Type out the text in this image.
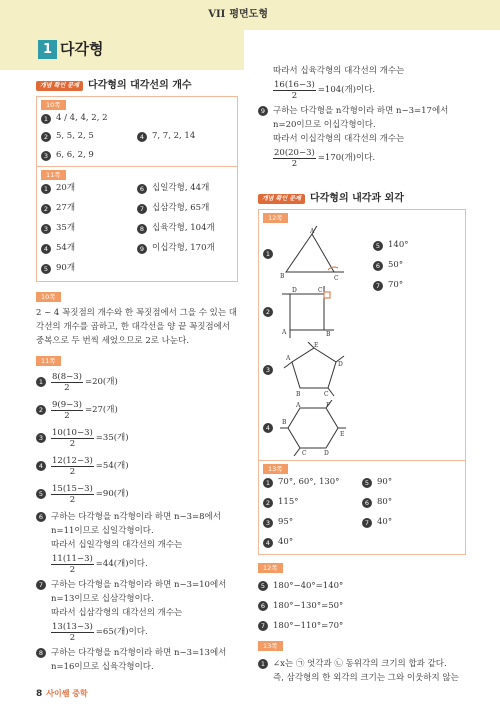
VII 평면도형
1 다각형
개념 확인 문제 다각형의 대각선의 개수
10쪽
1 4 / 4, 4, 2, 2
2 5, 5, 2, 5	4 7, 7, 2, 14
3 6, 6, 2, 9
11쪽
1 20개	6 십일각형, 44개
2 27개	7 십삼각형, 65개
3 35개	8 십육각형, 104개
4 54개	9 이십각형, 170개
5 90개
10쪽

2 ~ 4 꼭짓점의 개수와 한 꼭짓점에서 그을 수 있는 대각선의 개수를 곱하고, 한 대각선을 양 끝 꼭짓점에서 중복으로 두 번씩 세었으므로 2로 나눈다.

11쪽
$1 \frac{8(8-3)}{2} =20$(개)
$2 \frac{9(9-3)}{2} =27$(개)
$3 \frac{10(10-3)}{2} =35$(개)
$4 \frac{12(12-3)}{2} =54$(개)
$5 \frac{15(15-3)}{2} =90$(개)
6 구하는 다각형을 n각형이라 하면 n−3=8에서 n=11이므로 십일각형이다.

따라서 십일각형의 대각선의 개수는

$\frac{11(11-3)}{2} =44$(개)이다.
7 구하는 다각형을 n각형이라 하면 n−3=10에서 n=13이므로 십삼각형이다.

따라서 십삼각형의 대각선의 개수는

$\frac{13(13-3)}{2} =65$(개)이다.
8 구하는 다각형을 n각형이라 하면 n−3=13에서 n=16이므로 십육각형이다.

따라서 십육각형의 대각선의 개수는

$\frac{16(16-3)}{2} =104$(개)이다.
9 구하는 다각형을 n각형이라 하면 n−3=17에서 n=20이므로 이십각형이다.

따라서 이십각형의 대각선의 개수는

$\frac{20(20-3)}{2} =170$(개)이다.
개념 확인 문제 다각형의 내각과 외각
12쪽
1
A
B	C
2
D	C
A	B
3
E
A
D
B	C
4
A	F
B
E
C	D
5 140°
6 50°
7 70°
13쪽
1 70°, 60°, 130°	5 90°
2 115°	6 80°
3 95°	7 40°
4 40°
12쪽
5 180°−40°=140°
6 180°−130°=50°
7 180°−110°=70°
13쪽
1 ∠x는 ㉠ 엇각과 ㉡ 동위각의 크기의 합과 같다.

즉, 삼각형의 한 외각의 크기는 그와 이웃하지 않는

8 사이쌤 중학
